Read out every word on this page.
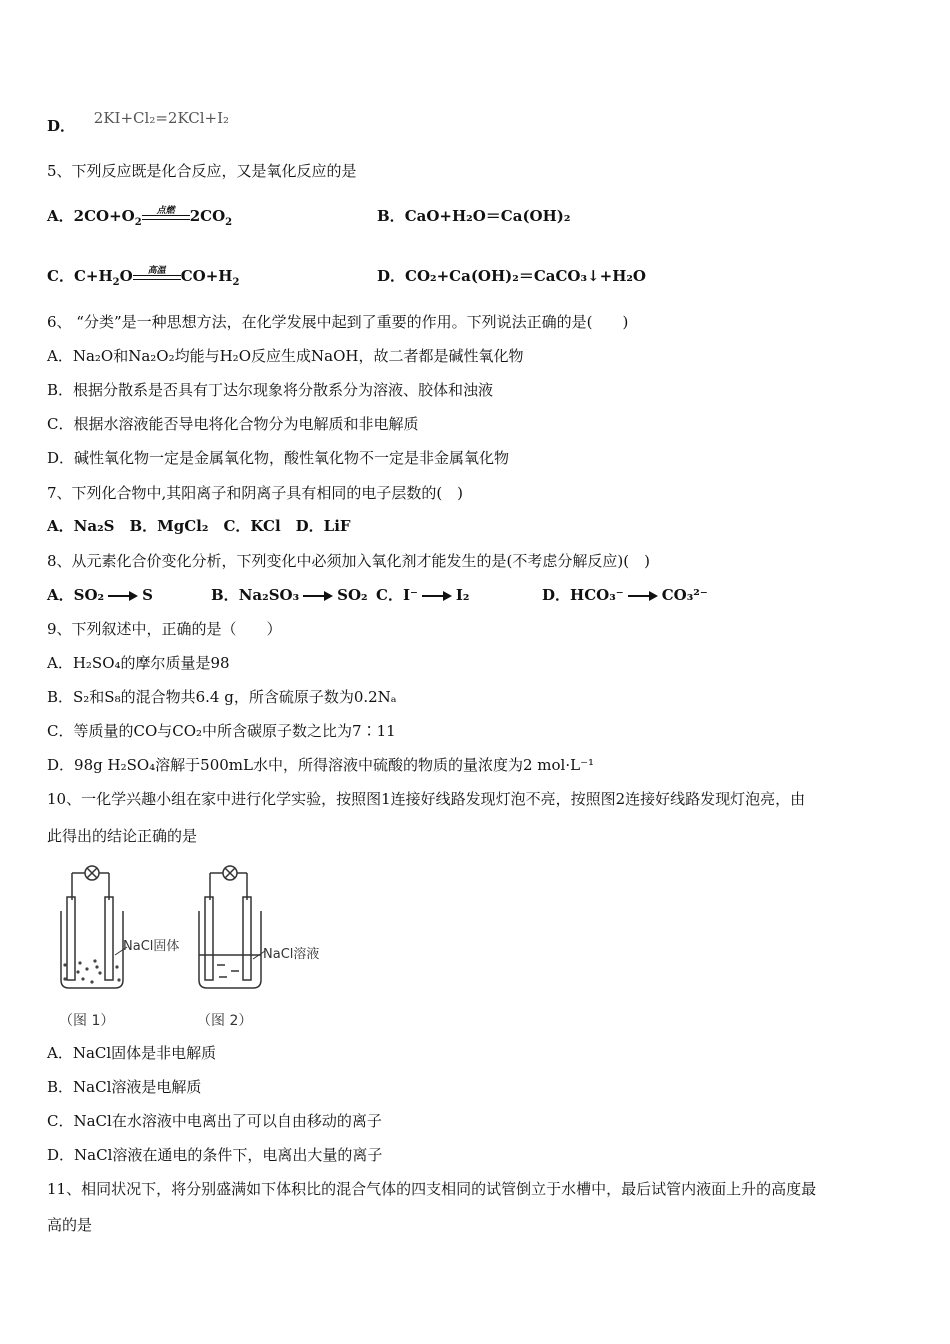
D． 2KI+Cl₂=2KCl+I₂
5、下列反应既是化合反应，又是氧化反应的是
A．$2CO+O_2$
点燃	$2CO_2$	B．CaO+H₂O＝Ca(OH)₂
C．$C+H_2O$	高温	$CO+H_2$	D．CO₂+Ca(OH)₂＝CaCO₃↓+H₂O
6、 “分类”是一种思想方法，在化学发展中起到了重要的作用。下列说法正确的是(　　)
A．Na₂O和Na₂O₂均能与H₂O反应生成NaOH，故二者都是碱性氧化物
B．根据分散系是否具有丁达尔现象将分散系分为溶液、胶体和浊液
C．根据水溶液能否导电将化合物分为电解质和非电解质
D．碱性氧化物一定是金属氧化物，酸性氧化物不一定是非金属氧化物
7、下列化合物中,其阳离子和阴离子具有相同的电子层数的(　)
A．Na₂S　B．MgCl₂　C．KCl　D．LiF
8、从元素化合价变化分析，下列变化中必须加入氧化剂才能发生的是(不考虑分解反应)(　)
A．SO₂	S	B．Na₂SO₃	SO₂ C．I⁻	I₂	D．HCO₃⁻	CO₃²⁻
9、下列叙述中，正确的是（　　）
A．H₂SO₄的摩尔质量是98
B．S₂和S₈的混合物共6.4 g，所含硫原子数为0.2Nₐ
C．等质量的CO与CO₂中所含碳原子数之比为7∶11
D．98g H₂SO₄溶解于500mL水中，所得溶液中硫酸的物质的量浓度为2 mol·L⁻¹
10、一化学兴趣小组在家中进行化学实验，按照图1连接好线路发现灯泡不亮，按照图2连接好线路发现灯泡亮，由
此得出的结论正确的是
NaCl固体
（图 1）
NaCl溶液
（图 2）
A．NaCl固体是非电解质
B．NaCl溶液是电解质
C．NaCl在水溶液中电离出了可以自由移动的离子
D．NaCl溶液在通电的条件下，电离出大量的离子
11、相同状况下，将分别盛满如下体积比的混合气体的四支相同的试管倒立于水槽中，最后试管内液面上升的高度最
高的是
